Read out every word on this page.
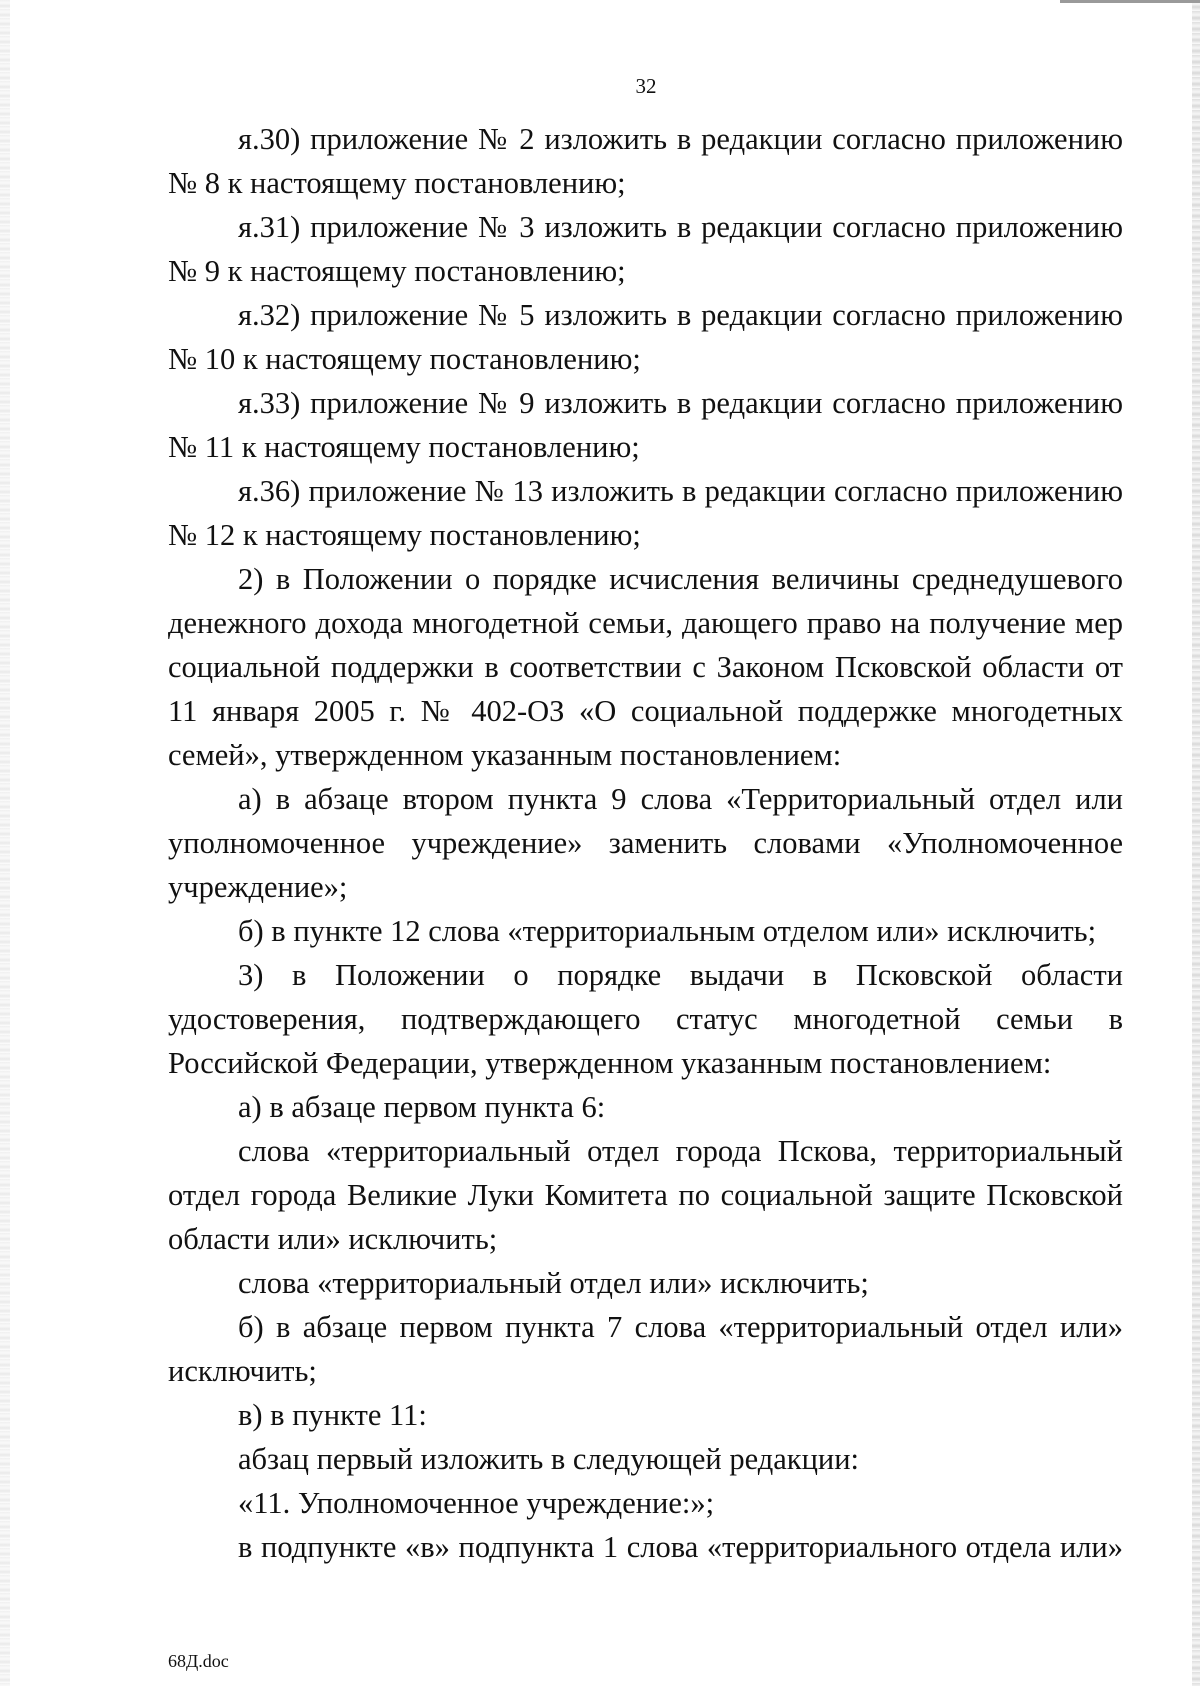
32

я.30) приложение № 2 изложить в редакции согласно приложению № 8 к настоящему постановлению;

я.31) приложение № 3 изложить в редакции согласно приложению № 9 к настоящему постановлению;

я.32) приложение № 5 изложить в редакции согласно приложению № 10 к настоящему постановлению;

я.33) приложение № 9 изложить в редакции согласно приложению № 11 к настоящему постановлению;

я.36) приложение № 13 изложить в редакции согласно приложению № 12 к настоящему постановлению;

2) в Положении о порядке исчисления величины среднедушевого денежного дохода многодетной семьи, дающего право на получение мер социальной поддержки в соответствии с Законом Псковской области от 11 января 2005 г. № 402-ОЗ «О социальной поддержке многодетных семей», утвержденном указанным постановлением:

а) в абзаце втором пункта 9 слова «Территориальный отдел или уполномоченное учреждение» заменить словами «Уполномоченное учреждение»;

б) в пункте 12 слова «территориальным отделом или» исключить;

3) в Положении о порядке выдачи в Псковской области удостоверения, подтверждающего статус многодетной семьи в Российской Федерации, утвержденном указанным постановлением:

а) в абзаце первом пункта 6:

слова «территориальный отдел города Пскова, территориальный отдел города Великие Луки Комитета по социальной защите Псковской области или» исключить;

слова «территориальный отдел или» исключить;

б) в абзаце первом пункта 7 слова «территориальный отдел или» исключить;

в) в пункте 11:

абзац первый изложить в следующей редакции:

«11. Уполномоченное учреждение:»;

в подпункте «в» подпункта 1 слова «территориального отдела или»

68Д.doc
